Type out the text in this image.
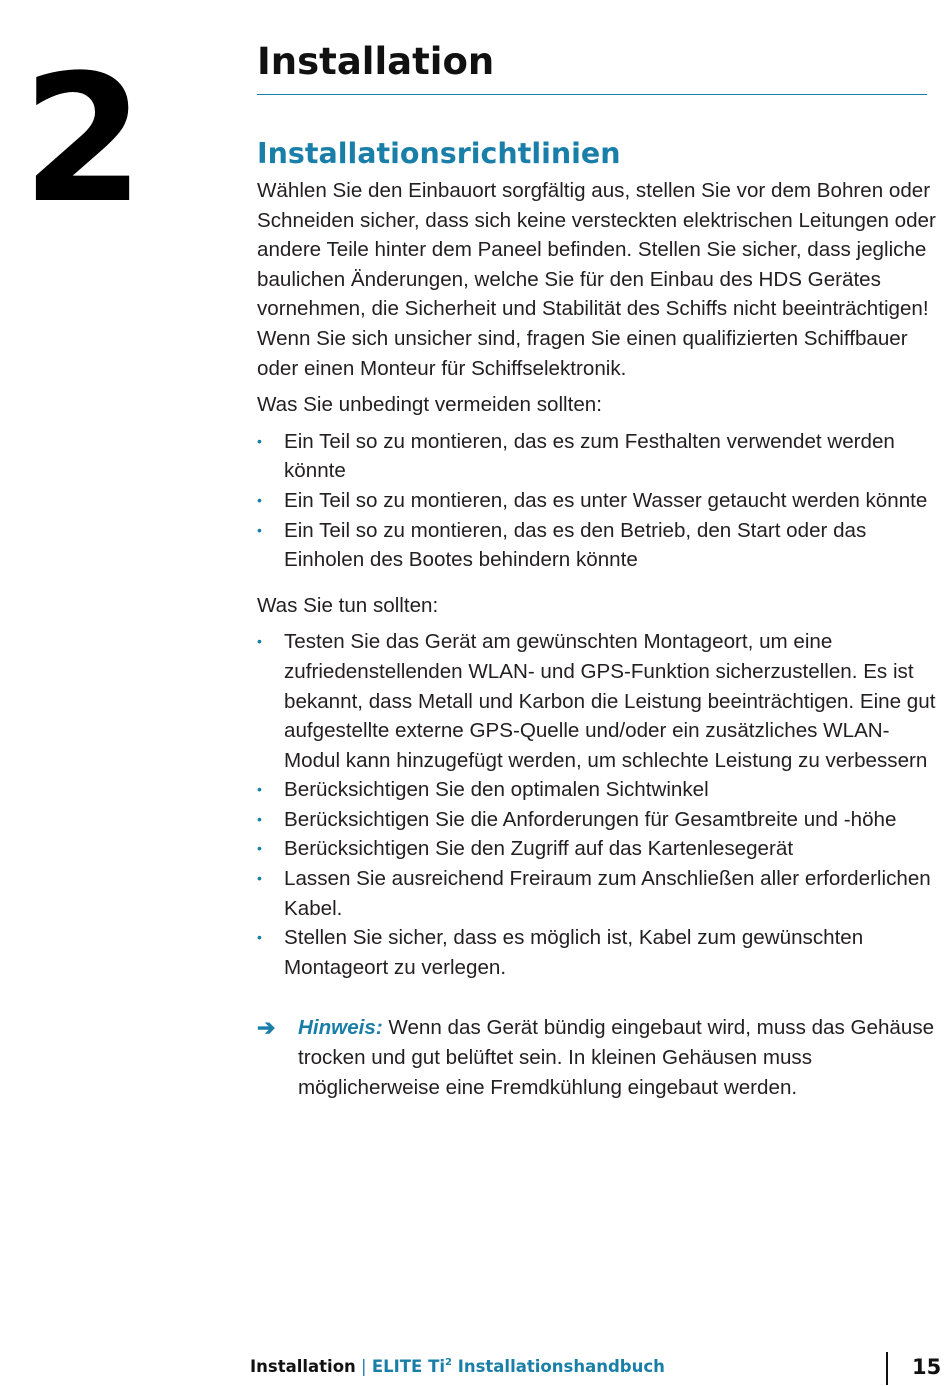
2	Installation
Installationsrichtlinien

Wählen Sie den Einbauort sorgfältig aus, stellen Sie vor dem Bohren oder Schneiden sicher, dass sich keine versteckten elektrischen Leitungen oder andere Teile hinter dem Paneel befinden. Stellen Sie sicher, dass jegliche baulichen Änderungen, welche Sie für den Einbau des HDS Gerätes vornehmen, die Sicherheit und Stabilität des Schiffs nicht beeinträchtigen! Wenn Sie sich unsicher sind, fragen Sie einen qualifizierten Schiffbauer oder einen Monteur für Schiffselektronik.

Was Sie unbedingt vermeiden sollten:

• Ein Teil so zu montieren, das es zum Festhalten verwendet werden könnte
• Ein Teil so zu montieren, das es unter Wasser getaucht werden könnte
• Ein Teil so zu montieren, das es den Betrieb, den Start oder das Einholen des Bootes behindern könnte

Was Sie tun sollten:

• Testen Sie das Gerät am gewünschten Montageort, um eine zufriedenstellenden WLAN- und GPS-Funktion sicherzustellen. Es ist bekannt, dass Metall und Karbon die Leistung beeinträchtigen. Eine gut aufgestellte externe GPS-Quelle und/oder ein zusätzliches WLAN-Modul kann hinzugefügt werden, um schlechte Leistung zu verbessern
• Berücksichtigen Sie den optimalen Sichtwinkel
• Berücksichtigen Sie die Anforderungen für Gesamtbreite und -höhe
• Berücksichtigen Sie den Zugriff auf das Kartenlesegerät
• Lassen Sie ausreichend Freiraum zum Anschließen aller erforderlichen Kabel.
• Stellen Sie sicher, dass es möglich ist, Kabel zum gewünschten Montageort zu verlegen.
➔ Hinweis: Wenn das Gerät bündig eingebaut wird, muss das Gehäuse trocken und gut belüftet sein. In kleinen Gehäusen muss möglicherweise eine Fremdkühlung eingebaut werden.
Installation | ELITE Ti$^2$ Installationshandbuch	15
